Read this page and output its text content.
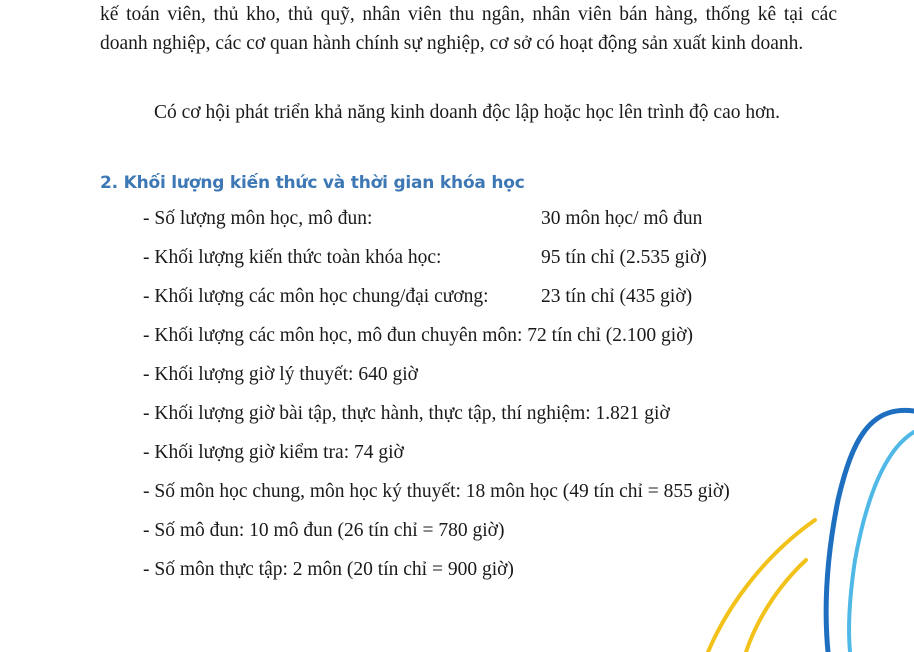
kế toán viên, thủ kho, thủ quỹ, nhân viên thu ngân, nhân viên bán hàng, thống kê tại các doanh nghiệp, các cơ quan hành chính sự nghiệp, cơ sở có hoạt động sản xuất kinh doanh.

Có cơ hội phát triển khả năng kinh doanh độc lập hoặc học lên trình độ cao hơn.

2. Khối lượng kiến thức và thời gian khóa học
- Số lượng môn học, mô đun:	30 môn học/ mô đun
- Khối lượng kiến thức toàn khóa học:	95 tín chỉ (2.535 giờ)
- Khối lượng các môn học chung/đại cương:	23 tín chỉ (435 giờ)
- Khối lượng các môn học, mô đun chuyên môn: 72 tín chỉ (2.100 giờ)
- Khối lượng giờ lý thuyết: 640 giờ
- Khối lượng giờ bài tập, thực hành, thực tập, thí nghiệm: 1.821 giờ
- Khối lượng giờ kiểm tra: 74 giờ
- Số môn học chung, môn học ký thuyết: 18 môn học (49 tín chỉ = 855 giờ)
- Số mô đun: 10 mô đun (26 tín chỉ = 780 giờ)
- Số môn thực tập: 2 môn (20 tín chỉ = 900 giờ)
